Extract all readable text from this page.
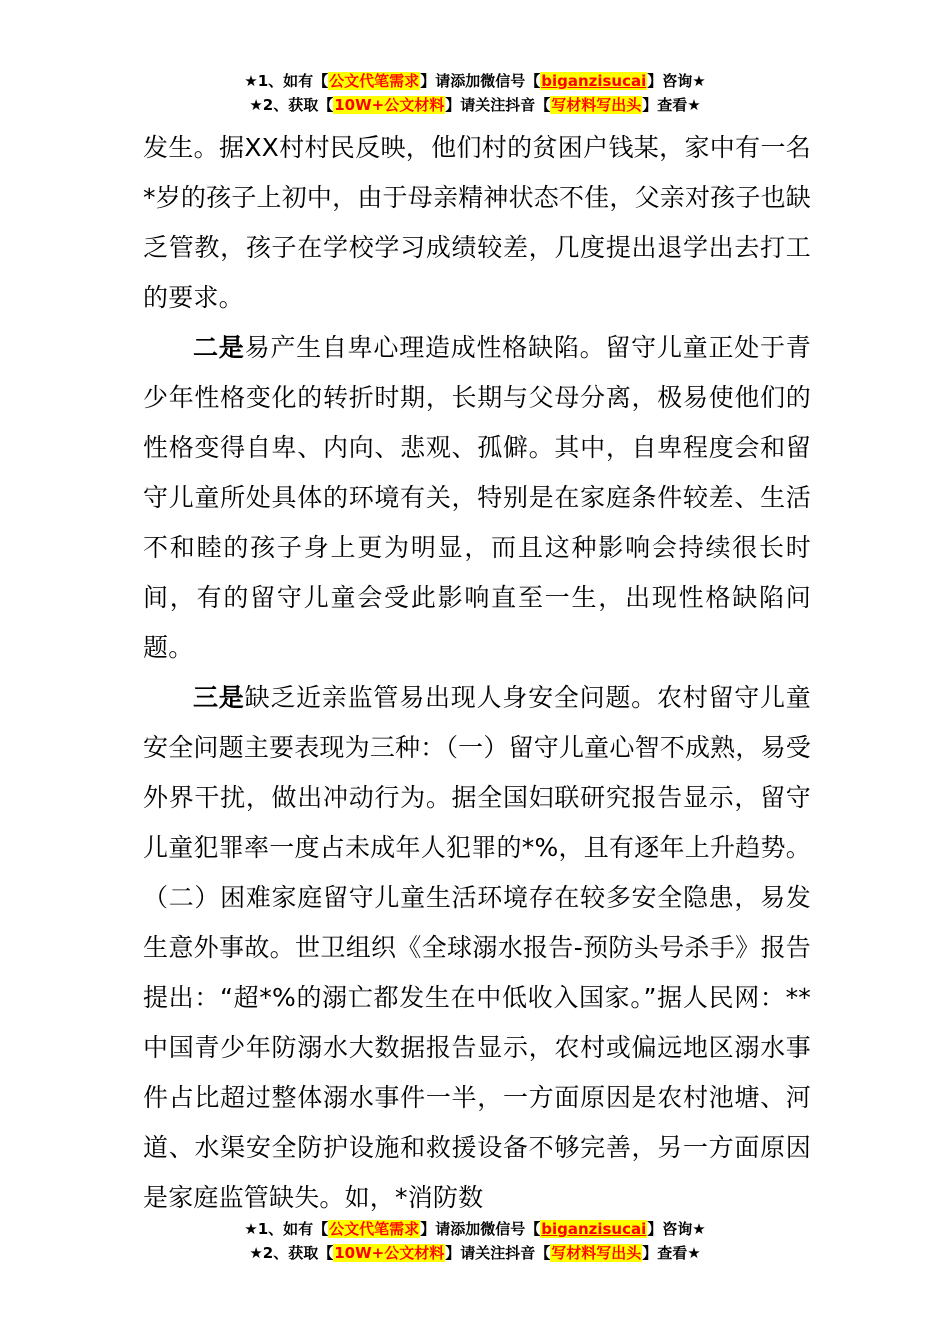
★1、如有【公文代笔需求】请添加微信号【biganzisucai】咨询★
★2、获取【10W+公文材料】请关注抖音【写材料写出头】查看★

发生。据XX村村民反映，他们村的贫困户钱某，家中有一名*岁的孩子上初中，由于母亲精神状态不佳，父亲对孩子也缺乏管教，孩子在学校学习成绩较差，几度提出退学出去打工的要求。

二是易产生自卑心理造成性格缺陷。留守儿童正处于青少年性格变化的转折时期，长期与父母分离，极易使他们的性格变得自卑、内向、悲观、孤僻。其中，自卑程度会和留守儿童所处具体的环境有关，特别是在家庭条件较差、生活不和睦的孩子身上更为明显，而且这种影响会持续很长时间，有的留守儿童会受此影响直至一生，出现性格缺陷问题。

三是缺乏近亲监管易出现人身安全问题。农村留守儿童安全问题主要表现为三种：（一）留守儿童心智不成熟，易受外界干扰，做出冲动行为。据全国妇联研究报告显示，留守儿童犯罪率一度占未成年人犯罪的*%，且有逐年上升趋势。（二）困难家庭留守儿童生活环境存在较多安全隐患，易发生意外事故。世卫组织《全球溺水报告-预防头号杀手》报告提出：“超*%的溺亡都发生在中低收入国家。”据人民网：**中国青少年防溺水大数据报告显示，农村或偏远地区溺水事件占比超过整体溺水事件一半，一方面原因是农村池塘、河道、水渠安全防护设施和救援设备不够完善，另一方面原因是家庭监管缺失。如，*消防数

★1、如有【公文代笔需求】请添加微信号【biganzisucai】咨询★
★2、获取【10W+公文材料】请关注抖音【写材料写出头】查看★
